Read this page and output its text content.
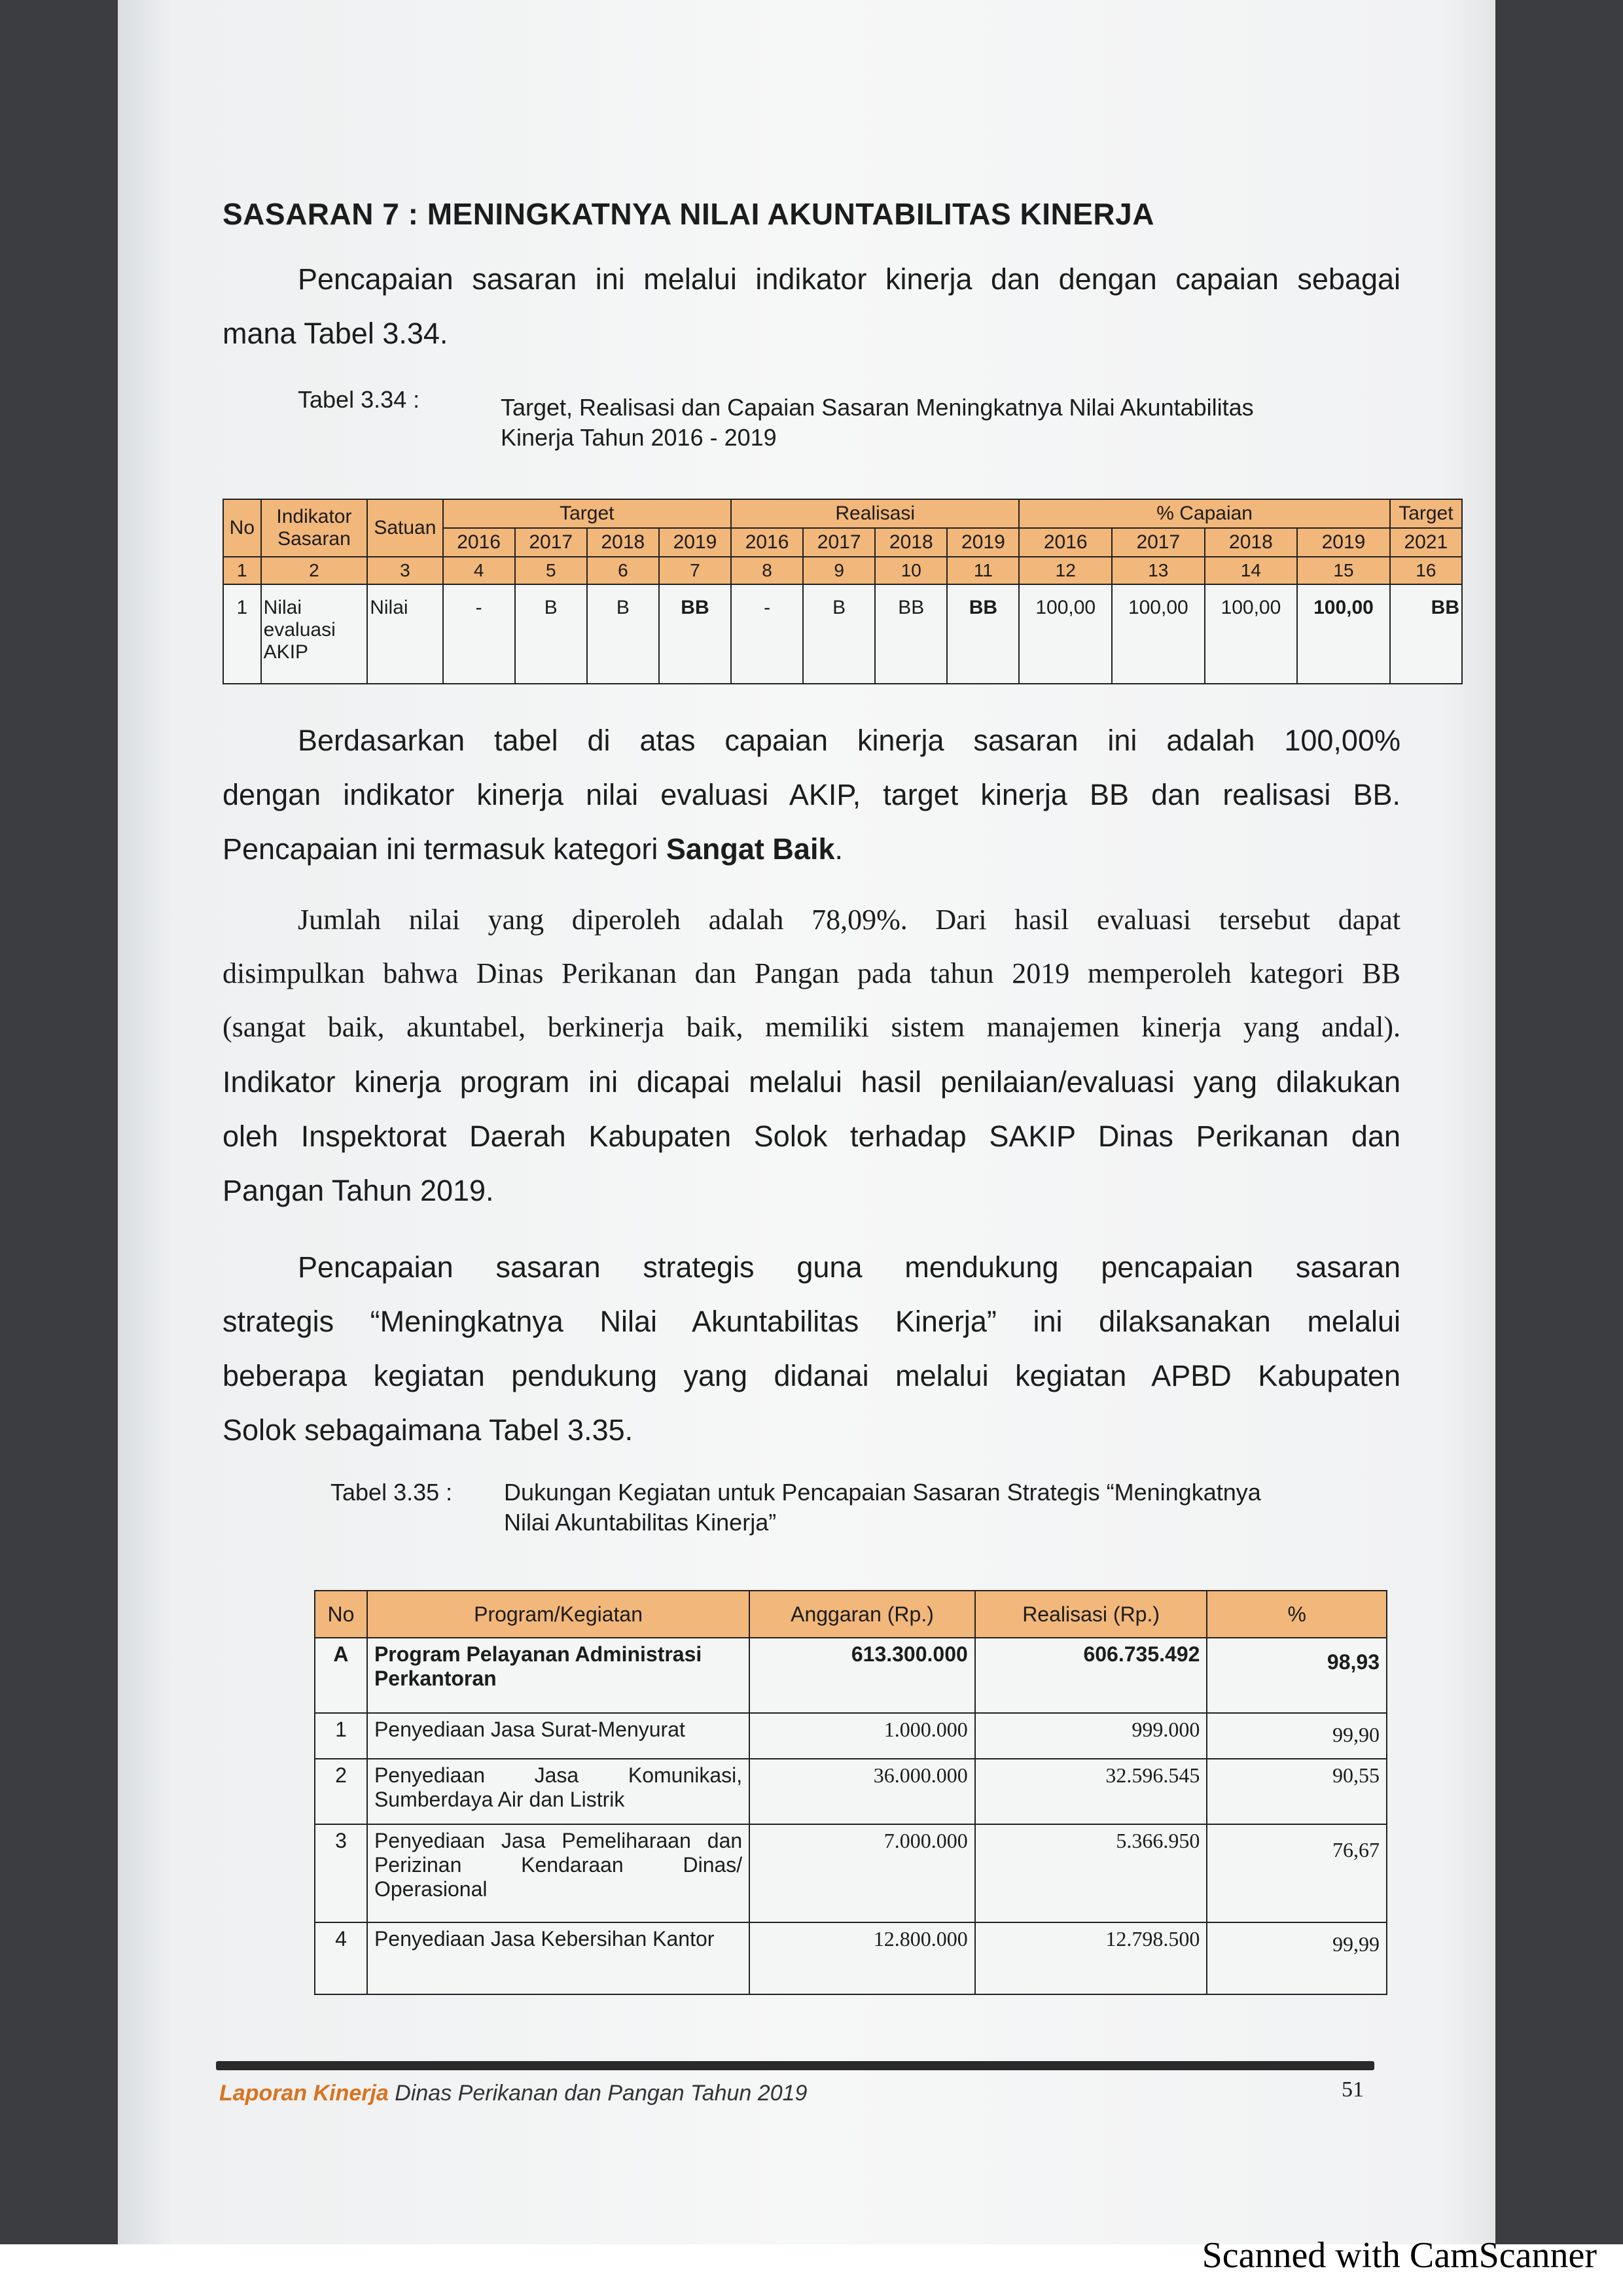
SASARAN 7 : MENINGKATNYA NILAI AKUNTABILITAS KINERJA
Pencapaian sasaran ini melalui indikator kinerja dan dengan capaian sebagai
mana Tabel 3.34.
Tabel 3.34 :	Target, Realisasi dan Capaian Sasaran Meningkatnya Nilai Akuntabilitas
Kinerja Tahun 2016 - 2019
No	Indikator Sasaran	Satuan	Target				Realisasi				% Capaian				Target
			2016	2017	2018	2019	2016	2017	2018	2019	2016	2017	2018	2019	2021
1	2	3	4	5	6	7	8	9	10	11	12	13	14	15	16
1	Nilai evaluasi AKIP	Nilai	-	B	B	BB	-	B	BB	BB	100,00	100,00	100,00	100,00	BB
Berdasarkan tabel di atas capaian kinerja sasaran ini adalah 100,00%
dengan indikator kinerja nilai evaluasi AKIP, target kinerja BB dan realisasi BB.
Pencapaian ini termasuk kategori Sangat Baik.
Jumlah nilai yang diperoleh adalah 78,09%. Dari hasil evaluasi tersebut dapat
disimpulkan bahwa Dinas Perikanan dan Pangan pada tahun 2019 memperoleh kategori BB
(sangat baik, akuntabel, berkinerja baik, memiliki sistem manajemen kinerja yang andal).
Indikator kinerja program ini dicapai melalui hasil penilaian/evaluasi yang dilakukan
oleh Inspektorat Daerah Kabupaten Solok terhadap SAKIP Dinas Perikanan dan
Pangan Tahun 2019.
Pencapaian sasaran strategis guna mendukung pencapaian sasaran
strategis “Meningkatnya Nilai Akuntabilitas Kinerja” ini dilaksanakan melalui
beberapa kegiatan pendukung yang didanai melalui kegiatan APBD Kabupaten
Solok sebagaimana Tabel 3.35.
Tabel 3.35 : Dukungan Kegiatan untuk Pencapaian Sasaran Strategis “Meningkatnya
Nilai Akuntabilitas Kinerja”
No	Program/Kegiatan	Anggaran (Rp.)	Realisasi (Rp.)	%
A	Program Pelayanan Administrasi Perkantoran	613.300.000	606.735.492	98,93
1	Penyediaan Jasa Surat-Menyurat	1.000.000	999.000	99,90
2	Penyediaan Jasa Komunikasi, Sumberdaya Air dan Listrik	36.000.000	32.596.545	90,55
3	Penyediaan Jasa Pemeliharaan dan Perizinan Kendaraan Dinas/ Operasional	7.000.000	5.366.950	76,67
4	Penyediaan Jasa Kebersihan Kantor	12.800.000	12.798.500	99,99
Laporan Kinerja Dinas Perikanan dan Pangan Tahun 2019	51
Scanned with CamScanner
